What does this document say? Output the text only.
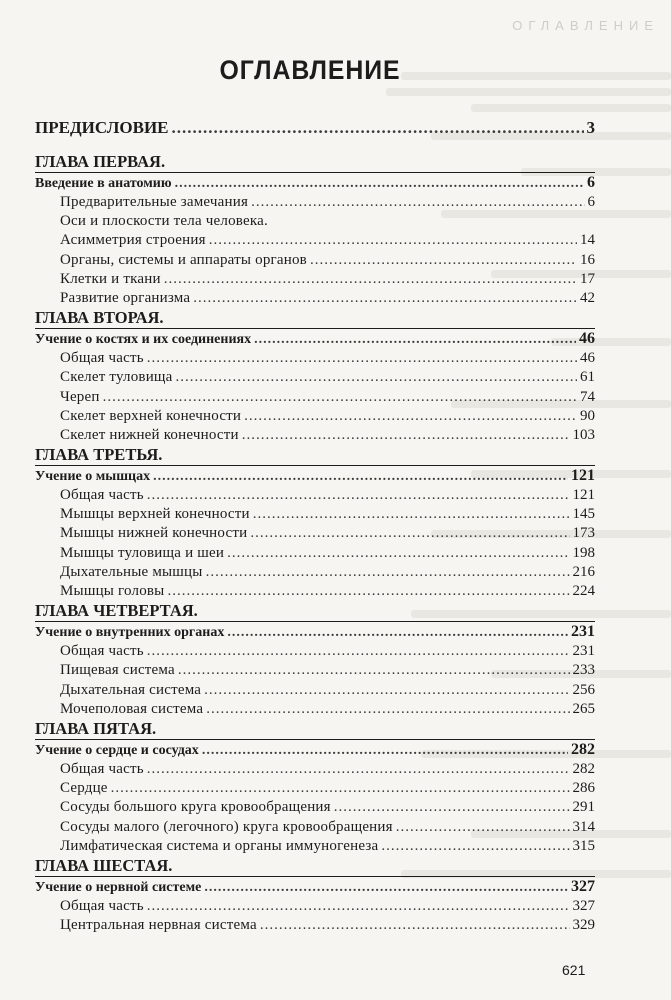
ОГЛАВЛЕНИЕ
ОГЛАВЛЕНИЕ
ПРЕДИСЛОВИЕ .....	3
ГЛАВА ПЕРВАЯ.
Введение в анатомию .....	6
Предварительные замечания .....	6
Оси и плоскости тела человека.
Асимметрия строения .....	14
Органы, системы и аппараты органов .....	16
Клетки и ткани .....	17
Развитие организма .....	42
ГЛАВА ВТОРАЯ.
Учение о костях и их соединениях .....	46
Общая часть .....	46
Скелет туловища .....	61
Череп .....	74
Скелет верхней конечности .....	90
Скелет нижней конечности .....	103
ГЛАВА ТРЕТЬЯ.
Учение о мышцах .....	121
Общая часть .....	121
Мышцы верхней конечности .....	145
Мышцы нижней конечности .....	173
Мышцы туловища и шеи .....	198
Дыхательные мышцы .....	216
Мышцы головы .....	224
ГЛАВА ЧЕТВЕРТАЯ.
Учение о внутренних органах .....	231
Общая часть .....	231
Пищевая система .....	233
Дыхательная система .....	256
Мочеполовая система .....	265
ГЛАВА ПЯТАЯ.
Учение о сердце и сосудах .....	282
Общая часть .....	282
Сердце .....	286
Сосуды большого круга кровообращения .....	291
Сосуды малого (легочного) круга кровообращения .....	314
Лимфатическая система и органы иммуногенеза .....	315
ГЛАВА ШЕСТАЯ.
Учение о нервной системе .....	327
Общая часть .....	327
Центральная нервная система .....	329
621
